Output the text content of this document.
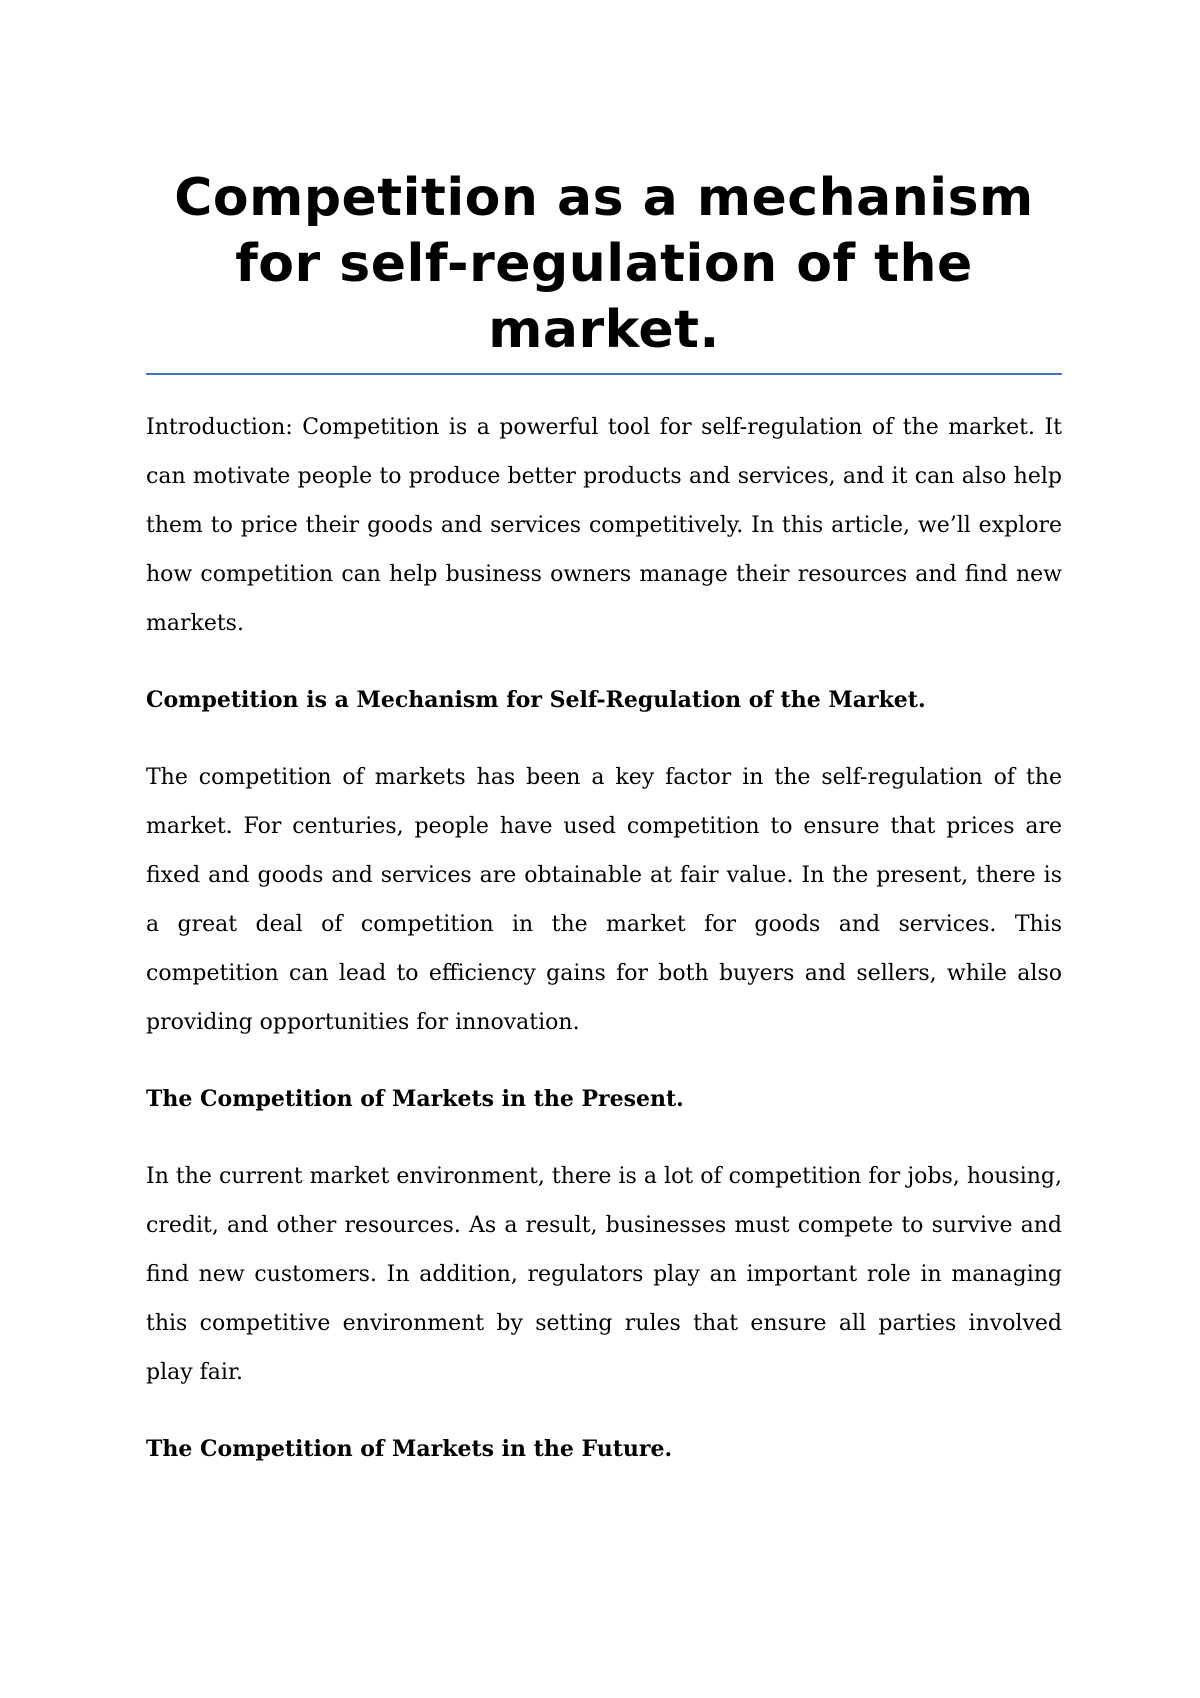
Competition as a mechanism for self-regulation of the market.

Introduction: Competition is a powerful tool for self-regulation of the market. It can motivate people to produce better products and services, and it can also help them to price their goods and services competitively. In this article, we’ll explore how competition can help business owners manage their resources and find new markets.

Competition is a Mechanism for Self-Regulation of the Market.

The competition of markets has been a key factor in the self-regulation of the market. For centuries, people have used competition to ensure that prices are fixed and goods and services are obtainable at fair value. In the present, there is a great deal of competition in the market for goods and services. This competition can lead to efficiency gains for both buyers and sellers, while also providing opportunities for innovation.

The Competition of Markets in the Present.

In the current market environment, there is a lot of competition for jobs, housing, credit, and other resources. As a result, businesses must compete to survive and find new customers. In addition, regulators play an important role in managing this competitive environment by setting rules that ensure all parties involved play fair.

The Competition of Markets in the Future.
